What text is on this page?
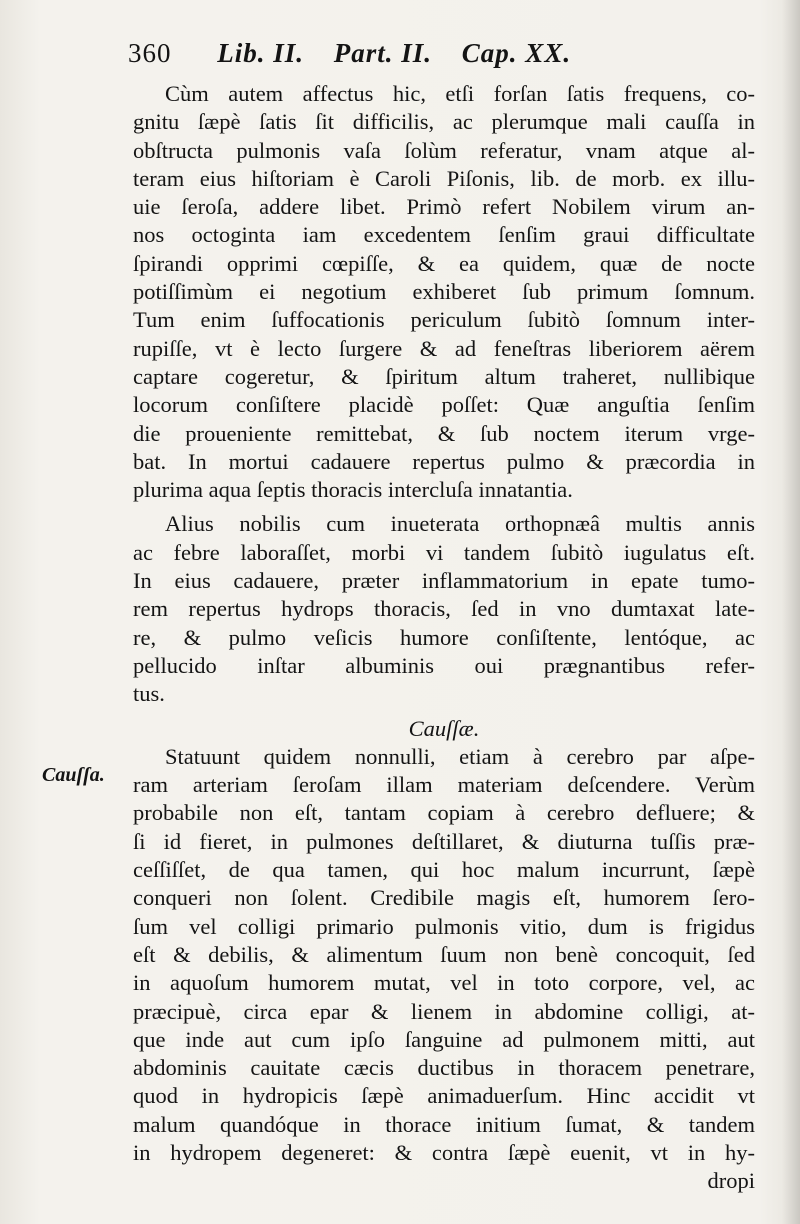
360 Lib. II. Part. II. Cap. XX.
Cauſſa.
Cùm autem affectus hic, etſi forſan ſatis frequens, co-
gnitu ſæpè ſatis ſit difficilis, ac plerumque mali cauſſa in
obſtructa pulmonis vaſa ſolùm referatur, vnam atque al-
teram eius hiſtoriam è Caroli Piſonis, lib. de morb. ex illu-
uie ſeroſa, addere libet. Primò refert Nobilem virum an-
nos octoginta iam excedentem ſenſim graui difficultate
ſpirandi opprimi cœpiſſe, & ea quidem, quæ de nocte
potiſſimùm ei negotium exhiberet ſub primum ſomnum.
Tum enim ſuffocationis periculum ſubitò ſomnum inter-
rupiſſe, vt è lecto ſurgere & ad feneſtras liberiorem aërem
captare cogeretur, & ſpiritum altum traheret, nullibique
locorum conſiſtere placidè poſſet: Quæ anguſtia ſenſim
die proueniente remittebat, & ſub noctem iterum vrge-
bat. In mortui cadauere repertus pulmo & præcordia in
plurima aqua ſeptis thoracis intercluſa innatantia.
Alius nobilis cum inueterata orthopnæâ multis annis
ac febre laboraſſet, morbi vi tandem ſubitò iugulatus eſt.
In eius cadauere, præter inflammatorium in epate tumo-
rem repertus hydrops thoracis, ſed in vno dumtaxat late-
re, & pulmo veſicis humore conſiſtente, lentóque, ac
pellucido inſtar albuminis oui prægnantibus refer-
tus.
Cauſſæ.
Statuunt quidem nonnulli, etiam à cerebro par aſpe-
ram arteriam ſeroſam illam materiam deſcendere. Verùm
probabile non eſt, tantam copiam à cerebro defluere; &
ſi id fieret, in pulmones deſtillaret, & diuturna tuſſis præ-
ceſſiſſet, de qua tamen, qui hoc malum incurrunt, ſæpè
conqueri non ſolent. Credibile magis eſt, humorem ſero-
ſum vel colligi primario pulmonis vitio, dum is frigidus
eſt & debilis, & alimentum ſuum non benè concoquit, ſed
in aquoſum humorem mutat, vel in toto corpore, vel, ac
præcipuè, circa epar & lienem in abdomine colligi, at-
que inde aut cum ipſo ſanguine ad pulmonem mitti, aut
abdominis cauitate cæcis ductibus in thoracem penetrare,
quod in hydropicis ſæpè animaduerſum. Hinc accidit vt
malum quandóque in thorace initium ſumat, & tandem
in hydropem degeneret: & contra ſæpè euenit, vt in hy-
dropi
